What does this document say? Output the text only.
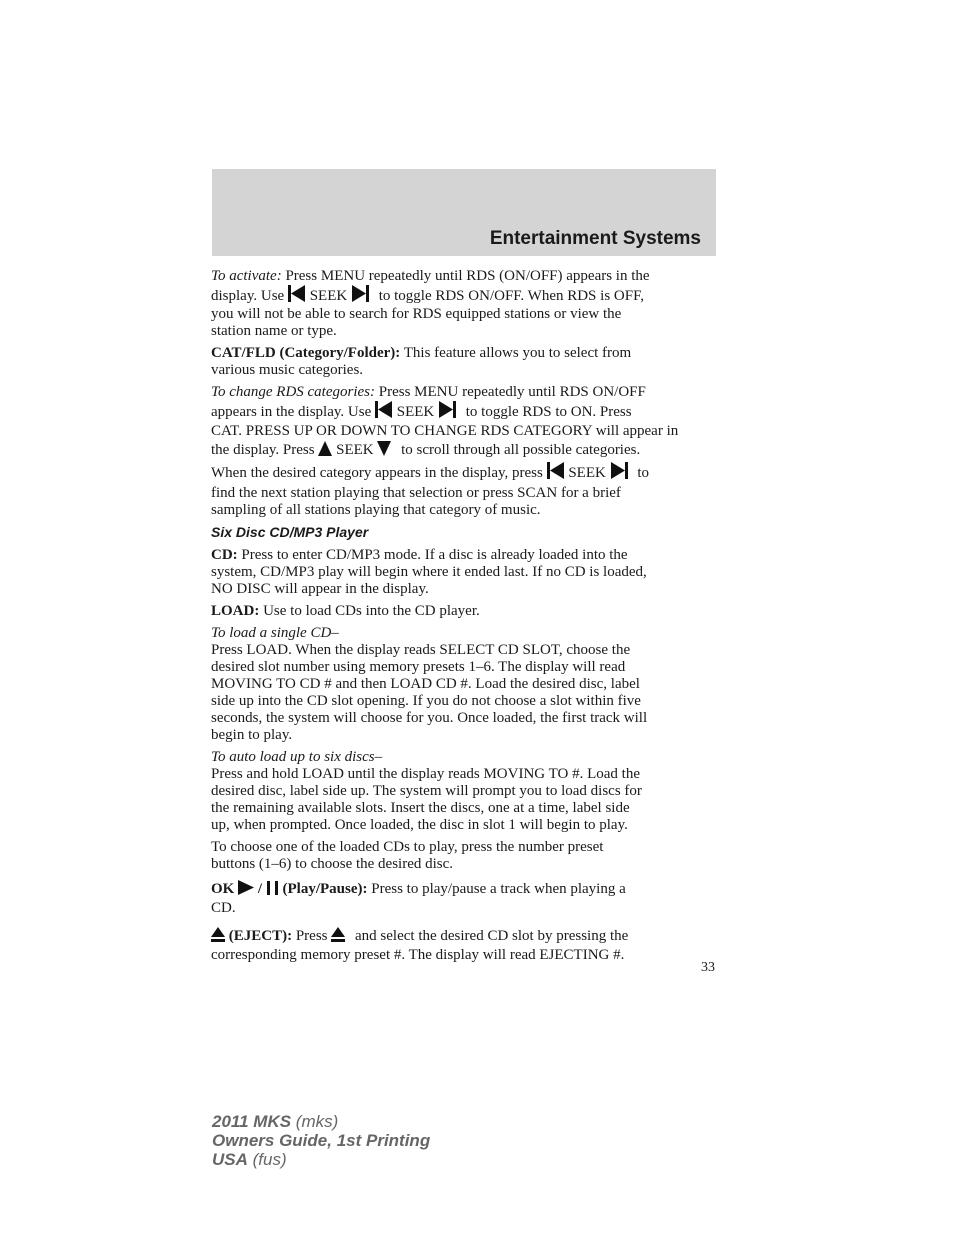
Entertainment Systems
To activate: Press MENU repeatedly until RDS (ON/OFF) appears in the
display. Use SEEK to toggle RDS ON/OFF. When RDS is OFF,
you will not be able to search for RDS equipped stations or view the
station name or type.
CAT/FLD (Category/Folder): This feature allows you to select from
various music categories.
To change RDS categories: Press MENU repeatedly until RDS ON/OFF
appears in the display. Use SEEK to toggle RDS to ON. Press
CAT. PRESS UP OR DOWN TO CHANGE RDS CATEGORY will appear in
the display. Press SEEK to scroll through all possible categories.
When the desired category appears in the display, press SEEK to
find the next station playing that selection or press SCAN for a brief
sampling of all stations playing that category of music.
Six Disc CD/MP3 Player
CD: Press to enter CD/MP3 mode. If a disc is already loaded into the
system, CD/MP3 play will begin where it ended last. If no CD is loaded,
NO DISC will appear in the display.
LOAD: Use to load CDs into the CD player.
To load a single CD–
Press LOAD. When the display reads SELECT CD SLOT, choose the
desired slot number using memory presets 1–6. The display will read
MOVING TO CD # and then LOAD CD #. Load the desired disc, label
side up into the CD slot opening. If you do not choose a slot within five
seconds, the system will choose for you. Once loaded, the first track will
begin to play.
To auto load up to six discs–
Press and hold LOAD until the display reads MOVING TO #. Load the
desired disc, label side up. The system will prompt you to load discs for
the remaining available slots. Insert the discs, one at a time, label side
up, when prompted. Once loaded, the disc in slot 1 will begin to play.
To choose one of the loaded CDs to play, press the number preset
buttons (1–6) to choose the desired disc.
OK / (Play/Pause): Press to play/pause a track when playing a
CD.
(EJECT): Press and select the desired CD slot by pressing the
corresponding memory preset #. The display will read EJECTING #.
33
2011 MKS (mks)
Owners Guide, 1st Printing
USA (fus)
